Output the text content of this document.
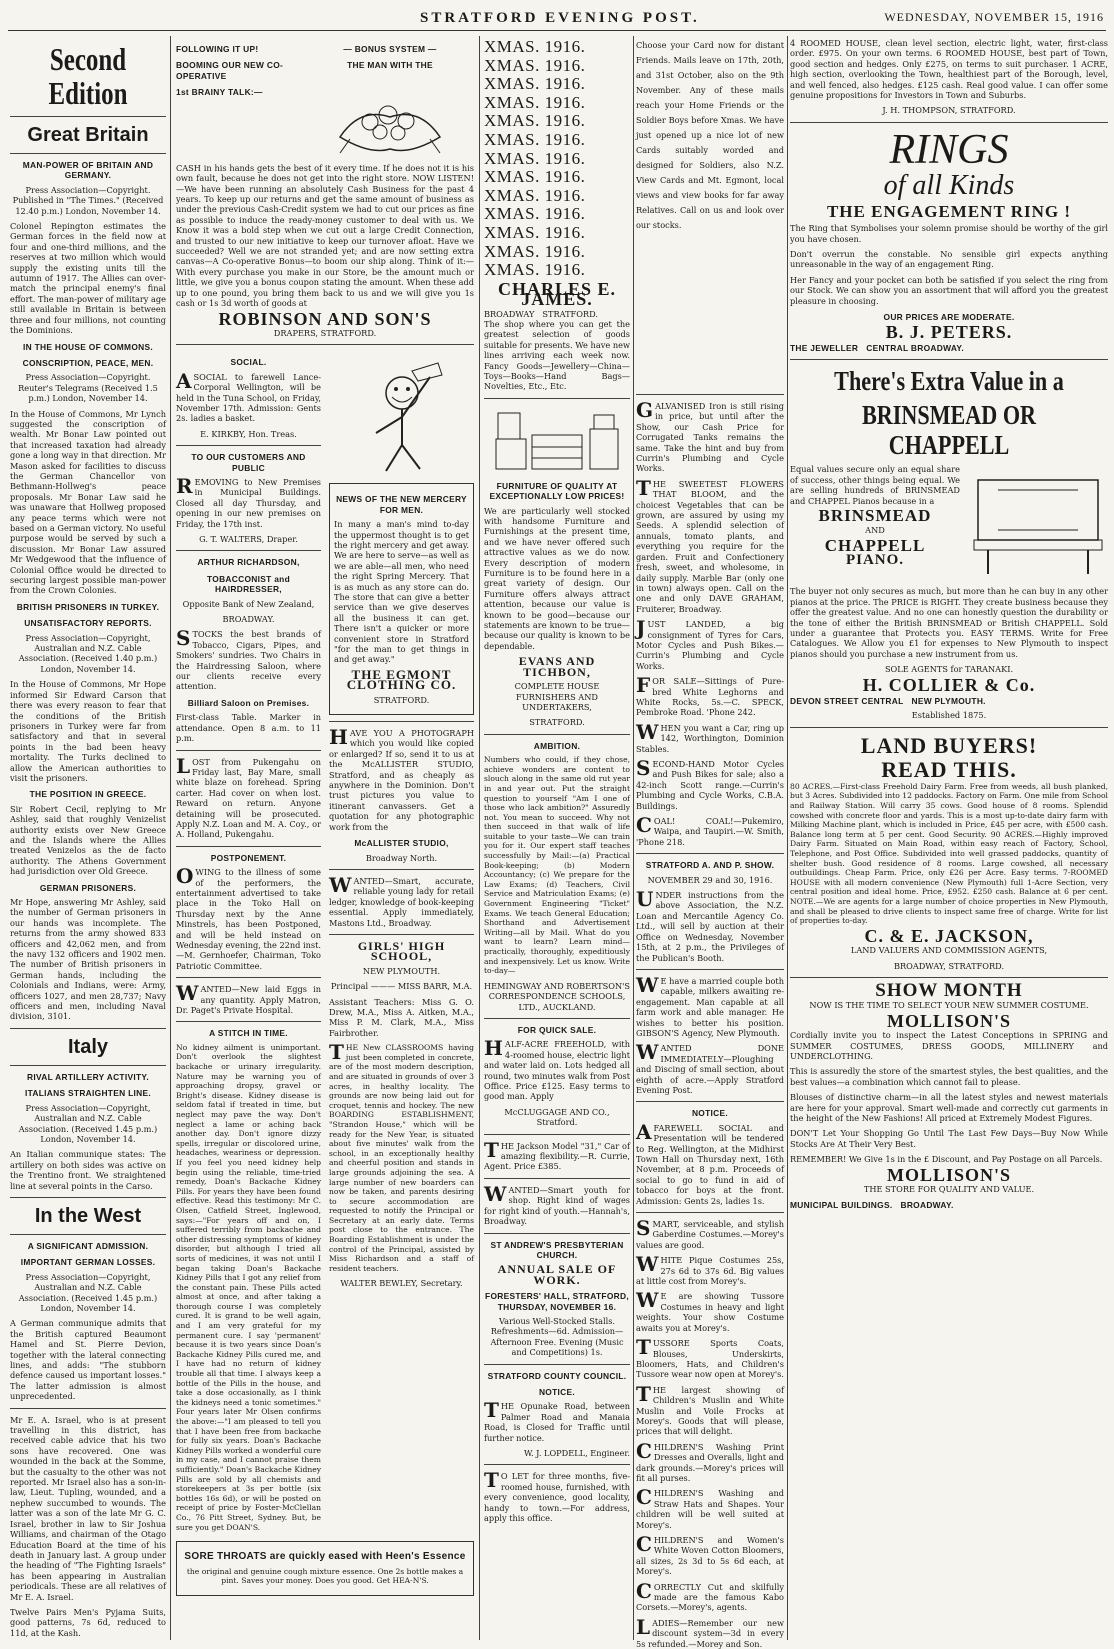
STRATFORD EVENING POST.	WEDNESDAY, NOVEMBER 15, 1916
Second Edition
Great Britain
MAN-POWER OF BRITAIN AND GERMANY.

Press Association—Copyright. Published in "The Times." (Received 12.40 p.m.) London, November 14.

Colonel Repington estimates the German forces in the field now at four and one-third millions, and the reserves at two million which would supply the existing units till the autumn of 1917. The Allies can over-match the principal enemy's final effort. The man-power of military age still available in Britain is between three and four millions, not counting the Dominions.

IN THE HOUSE OF COMMONS.
CONSCRIPTION, PEACE, MEN.

Press Association—Copyright. Reuter's Telegrams (Received 1.5 p.m.) London, November 14.

In the House of Commons, Mr Lynch suggested the conscription of wealth. Mr Bonar Law pointed out that increased taxation had already gone a long way in that direction. Mr Mason asked for facilities to discuss the German Chancellor von Bethmann-Hollweg's peace proposals. Mr Bonar Law said he was unaware that Hollweg proposed any peace terms which were not based on a German victory. No useful purpose would be served by such a discussion. Mr Bonar Law assured Mr Wedgewood that the influence of Colonial Office would be directed to securing largest possible man-power from the Crown Colonies.

BRITISH PRISONERS IN TURKEY.
UNSATISFACTORY REPORTS.

Press Association—Copyright, Australian and N.Z. Cable Association. (Received 1.40 p.m.) London, November 14.

In the House of Commons, Mr Hope informed Sir Edward Carson that there was every reason to fear that the conditions of the British prisoners in Turkey were far from satisfactory and that in several points in the bad been heavy mortality. The Turks declined to allow the American authorities to visit the prisoners.

THE POSITION IN GREECE.

Sir Robert Cecil, replying to Mr Ashley, said that roughly Venizelist authority exists over New Greece and the Islands where the Allies treated Venizelos as the de facto authority. The Athens Government had jurisdiction over Old Greece.

GERMAN PRISONERS.

Mr Hope, answering Mr Ashley, said the number of German prisoners in our hands was incomplete. The returns from the army showed 833 officers and 42,062 men, and from the navy 132 officers and 1902 men. The number of British prisoners in German hands, including the Colonials and Indians, were: Army, officers 1027, and men 28,737; Navy officers and men, including Naval division, 3101.

Italy
RIVAL ARTILLERY ACTIVITY.
ITALIANS STRAIGHTEN LINE.

Press Association—Copyright, Australian and N.Z. Cable Association. (Received 1.45 p.m.) London, November 14.

An Italian communique states: The artillery on both sides was active on the Trentino front. We straightened line at several points in the Carso.

In the West
A SIGNIFICANT ADMISSION.
IMPORTANT GERMAN LOSSES.

Press Association—Copyright, Australian and N.Z. Cable Association. (Received 1.45 p.m.) London, November 14.

A German communique admits that the British captured Beaumont Hamel and St. Pierre Devion, together with the lateral connecting lines, and adds: "The stubborn defence caused us important losses." The latter admission is almost unprecedented.

Mr E. A. Israel, who is at present travelling in this district, has received cable advice that his two sons have recovered. One was wounded in the back at the Somme, but the casualty to the other was not reported. Mr Israel also has a son-in-law, Lieut. Tupling, wounded, and a nephew succumbed to wounds. The latter was a son of the late Mr G. C. Israel, brother in law to Sir Joshua Williams, and chairman of the Otago Education Board at the time of his death in January last. A group under the heading of "The Fighting Israels" has been appearing in Australian periodicals. These are all relatives of Mr E. A. Israel.

Twelve Pairs Men's Pyjama Suits, good patterns, 7s 6d, reduced to 11d, at the Kash.

FOLLOWING IT UP!
BOOMING OUR NEW CO-OPERATIVE
1st BRAINY TALK:—
— BONUS SYSTEM —
THE MAN WITH THE

CASH in his hands gets the best of it every time. If he does not it is his own fault, because he does not get into the right store. NOW LISTEN!—We have been running an absolutely Cash Business for the past 4 years. To keep up our returns and get the same amount of business as under the previous Cash-Credit system we had to cut our prices as fine as possible to induce the ready-money customer to deal with us. We Know it was a bold step when we cut out a large Credit Connection, and trusted to our new initiative to keep our turnover afloat. Have we succeeded? Well we are not stranded yet; and are now setting extra canvas—A Co-operative Bonus—to boom our ship along. Think of it:—With every purchase you make in our Store, be the amount much or little, we give you a bonus coupon stating the amount. When these add up to one pound, you bring them back to us and we will give you 1s cash or 1s 3d worth of goods at

ROBINSON AND SON'S

DRAPERS, STRATFORD.

SOCIAL.

ASOCIAL to farewell Lance-Corporal Wellington, will be held in the Tuna School, on Friday, November 17th. Admission: Gents 2s. ladies a basket.

E. KIRKBY, Hon. Treas.

TO OUR CUSTOMERS AND PUBLIC

REMOVING to New Premises in Municipal Buildings. Closed all day Thursday, and opening in our new premises on Friday, the 17th inst.

G. T. WALTERS, Draper.

ARTHUR RICHARDSON,
TOBACCONIST and HAIRDRESSER,

Opposite Bank of New Zealand,

BROADWAY.

STOCKS the best brands of Tobacco, Cigars, Pipes, and Smokers' sundries. Two Chairs in the Hairdressing Saloon, where our clients receive every attention.

Billiard Saloon on Premises.

First-class Table. Marker in attendance. Open 8 a.m. to 11 p.m.

LOST from Pukengahu on Friday last, Bay Mare, small white blaze on forehead. Spring carter. Had cover on when lost. Reward on return. Anyone detaining will be prosecuted. Apply N.Z. Loan and M. A. Coy., or A. Holland, Pukengahu.

POSTPONEMENT.

OWING to the illness of some of the performers, the entertainment advertised to take place in the Toko Hall on Thursday next by the Anne Minstrels, has been Postponed, and will be held instead on Wednesday evening, the 22nd inst.—M. Gernhoefer, Chairman, Toko Patriotic Committee.

WANTED—New laid Eggs in any quantity. Apply Matron, Dr. Paget's Private Hospital.

A STITCH IN TIME.

No kidney ailment is unimportant. Don't overlook the slightest backache or urinary irregularity. Nature may be warning you of approaching dropsy, gravel or Bright's disease. Kidney disease is seldom fatal if treated in time, but neglect may pave the way. Don't neglect a lame or aching back another day. Don't ignore dizzy spells, irregular or discolored urine, headaches, weariness or depression. If you feel you need kidney help begin using the reliable, time-tried remedy, Doan's Backache Kidney Pills. For years they have been found effective. Read this testimony: Mr C. Olsen, Catfield Street, Inglewood, says:—"For years off and on, I suffered terribly from backache and other distressing symptoms of kidney disorder, but although I tried all sorts of medicines, it was not until I began taking Doan's Backache Kidney Pills that I got any relief from the constant pain. These Pills acted almost at once, and after taking a thorough course I was completely cured. It is grand to be well again, and I am very grateful for my permanent cure. I say 'permanent' because it is two years since Doan's Backache Kidney Pills cured me, and I have had no return of kidney trouble all that time. I always keep a bottle of the Pills in the house, and take a dose occasionally, as I think the kidneys need a tonic sometimes." Four years later Mr Olsen confirms the above:—"I am pleased to tell you that I have been free from backache for fully six years. Doan's Backache Kidney Pills worked a wonderful cure in my case, and I cannot praise them sufficiently." Doan's Backache Kidney Pills are sold by all chemists and storekeepers at 3s per bottle (six bottles 16s 6d), or will be posted on receipt of price by Foster-McClellan Co., 76 Pitt Street, Sydney. But, be sure you get DOAN'S.

NEWS OF THE NEW MERCERY FOR MEN.

In many a man's mind to-day the uppermost thought is to get the right mercery and get away. We are here to serve—as well as we are able—all men, who need the right Spring Mercery. That is as much as any store can do. The store that can give a better service than we give deserves all the business it can get. There isn't a quicker or more convenient store in Stratford "for the man to get things in and get away."

THE EGMONT CLOTHING CO.

STRATFORD.

HAVE YOU A PHOTOGRAPH which you would like copied or enlarged? If so, send it to us at the McALLISTER STUDIO, Stratford, and as cheaply as anywhere in the Dominion. Don't trust pictures you value to itinerant canvassers. Get a quotation for any photographic work from the

McALLISTER STUDIO,

Broadway North.

WANTED—Smart, accurate, reliable young lady for retail ledger, knowledge of book-keeping essential. Apply immediately, Mastons Ltd., Broadway.

GIRLS' HIGH SCHOOL,

NEW PLYMOUTH.

Principal ——— MISS BARR, M.A.

Assistant Teachers: Miss G. O. Drew, M.A., Miss A. Aitken, M.A., Miss P. M. Clark, M.A., Miss Fairbrother.

THE New CLASSROOMS having just been completed in concrete, are of the most modern description, and are situated in grounds of over 3 acres, in healthy locality. The grounds are now being laid out for croquet, tennis and hockey. The new BOARDING ESTABLISHMENT, "Strandon House," which will be ready for the New Year, is situated about five minutes' walk from the school, in an exceptionally healthy and cheerful position and stands in large grounds adjoining the sea. A large number of new boarders can now be taken, and parents desiring to secure accommodation are requested to notify the Principal or Secretary at an early date. Terms post close to the entrance. The Boarding Establishment is under the control of the Principal, assisted by Miss Richardson and a staff of resident teachers.

WALTER BEWLEY, Secretary.

SORE THROATS are quickly eased with Heen's Essence

the original and genuine cough mixture essence. One 2s bottle makes a pint. Saves your money. Does you good. Get HEA-N'S.

XMAS. 1916.
XMAS. 1916.
XMAS. 1916.
XMAS. 1916.
XMAS. 1916.
XMAS. 1916.
XMAS. 1916.
XMAS. 1916.
XMAS. 1916.
XMAS. 1916.
XMAS. 1916.
XMAS. 1916.
XMAS. 1916.
CHARLES E. JAMES.
BROADWAY STRATFORD.

The shop where you can get the greatest selection of goods suitable for presents. We have new lines arriving each week now. Fancy Goods—Jewellery—China—Toys—Books—Hand Bags—Novelties, Etc., Etc.

FURNITURE OF QUALITY AT EXCEPTIONALLY LOW PRICES!

We are particularly well stocked with handsome Furniture and Furnishings at the present time, and we have never offered such attractive values as we do now. Every description of modern Furniture is to be found here in a great variety of design. Our Furniture offers always attract attention, because our value is known to be good—because our statements are known to be true—because our quality is known to be dependable.

EVANS AND TICHBON,

COMPLETE HOUSE FURNISHERS AND UNDERTAKERS,

STRATFORD.

AMBITION.

Numbers who could, if they chose, achieve wonders are content to slouch along in the same old rut year in and year out. Put the straight question to yourself "Am I one of those who lack ambition?" Assuredly not. You mean to succeed. Why not then succeed in that walk of life suitable to your taste—We can train you for it. Our expert staff teaches successfully by Mail:—(a) Practical Book-keeping; (b) Modern Accountancy; (c) We prepare for the Law Exams; (d) Teachers, Civil Service and Matriculation Exams; (e) Government Engineering "Ticket" Exams. We teach General Education; Shorthand and Advertisement Writing—all by Mail. What do you want to learn? Learn mind—practically, thoroughly, expeditiously and inexpensively. Let us know. Write to-day—

HEMINGWAY AND ROBERTSON'S CORRESPONDENCE SCHOOLS, LTD., AUCKLAND.

FOR QUICK SALE.

HALF-ACRE FREEHOLD, with 4-roomed house, electric light and water laid on. Lots hedged all round, two minutes walk from Post Office. Price £125. Easy terms to good man. Apply

McCLUGGAGE AND CO., Stratford.

THE Jackson Model "31," Car of amazing flexibility.—R. Currie, Agent. Price £385.

WANTED—Smart youth for shop. Right kind of wages for right kind of youth.—Hannah's, Broadway.

ST ANDREW'S PRESBYTERIAN CHURCH.
ANNUAL SALE OF WORK.
FORESTERS' HALL, STRATFORD, THURSDAY, NOVEMBER 16.

Various Well-Stocked Stalls. Refreshments—6d. Admission—Afternoon Free. Evening (Music and Competitions) 1s.

STRATFORD COUNTY COUNCIL.
NOTICE.

THE Opunake Road, between Palmer Road and Manaia Road, is Closed for Traffic until further notice.

W. J. LOPDELL, Engineer.

TO LET for three months, five-roomed house, furnished, with every convenience, good locality, handy to town.—For address, apply this office.

Choose your Card now for distant Friends. Mails leave on 17th, 20th, and 31st October, also on the 9th November. Any of these mails reach your Home Friends or the Soldier Boys before Xmas. We have just opened up a nice lot of new Cards suitably worded and designed for Soldiers, also N.Z. View Cards and Mt. Egmont, local views and view books for far away Relatives. Call on us and look over our stocks.

GALVANISED Iron is still rising in price, but until after the Show, our Cash Price for Corrugated Tanks remains the same. Take the hint and buy from Currin's Plumbing and Cycle Works.

THE SWEETEST FLOWERS THAT BLOOM, and the choicest Vegetables that can be grown, are assured by using my Seeds. A splendid selection of annuals, tomato plants, and everything you require for the garden. Fruit and Confectionery fresh, sweet, and wholesome, in daily supply. Marble Bar (only one in town) always open. Call on the one and only DAVE GRAHAM, Fruiterer, Broadway.

JUST LANDED, a big consignment of Tyres for Cars, Motor Cycles and Push Bikes.—Currin's Plumbing and Cycle Works.

FOR SALE—Sittings of Pure-bred White Leghorns and White Rocks, 5s.—C. SPECK, Pembroke Road. 'Phone 242.

WHEN you want a Car, ring up 142, Worthington, Dominion Stables.

SECOND-HAND Motor Cycles and Push Bikes for sale; also a 42-inch Scott range.—Currin's Plumbing and Cycle Works, C.B.A. Buildings.

COAL! COAL!—Pukemiro, Waipa, and Taupiri.—W. Smith, 'Phone 218.

STRATFORD A. AND P. SHOW.

NOVEMBER 29 and 30, 1916.

UNDER instructions from the above Association, the N.Z. Loan and Mercantile Agency Co. Ltd., will sell by auction at their Office on Wednesday, November 15th, at 2 p.m., the Privileges of the Publican's Booth.

WE have a married couple both capable, milkers awaiting re-engagement. Man capable at all farm work and able manager. He wishes to better his position. GIBSON'S Agency, New Plymouth.

WANTED DONE IMMEDIATELY—Ploughing and Discing of small section, about eighth of acre.—Apply Stratford Evening Post.

NOTICE.

AFAREWELL SOCIAL and Presentation will be tendered to Reg. Wellington, at the Midhirst Town Hall on Thursday next, 16th November, at 8 p.m. Proceeds of social to go to fund in aid of tobacco for boys at the front. Admission: Gents 2s, ladies 1s.

SMART, serviceable, and stylish Gaberdine Costumes.—Morey's values are good.

WHITE Pique Costumes 25s, 27s 6d to 37s 6d. Big values at little cost from Morey's.

WE are showing Tussore Costumes in heavy and light weights. Your show Costume awaits you at Morey's.

TUSSORE Sports Coats, Blouses, Underskirts, Bloomers, Hats, and Children's Tussore wear now open at Morey's.

THE largest showing of Children's Muslin and White Muslin and Voile Frocks at Morey's. Goods that will please, prices that will delight.

CHILDREN'S Washing Print Dresses and Overalls, light and dark grounds.—Morey's prices will fit all purses.

CHILDREN'S Washing and Straw Hats and Shapes. Your children will be well suited at Morey's.

CHILDREN'S and Women's White Woven Cotton Bloomers, all sizes, 2s 3d to 5s 6d each, at Morey's.

CORRECTLY Cut and skilfully made are the famous Kabo Corsets.—Morey's, agents.

LADIES—Remember our new discount system—3d in every 5s refunded.—Morey and Son.

4 ROOMED HOUSE, clean level section, electric light, water, first-class order. £975. On your own terms. 6 ROOMED HOUSE, best part of Town, good section and hedges. Only £275, on terms to suit purchaser. 1 ACRE, high section, overlooking the Town, healthiest part of the Borough, level, and well fenced, also hedges. £125 cash. Real good value. I can offer some genuine propositions for Investors in Town and Suburbs.

J. H. THOMPSON, STRATFORD.

RINGS
of all Kinds
THE ENGAGEMENT RING !

The Ring that Symbolises your solemn promise should be worthy of the girl you have chosen.

Don't overrun the constable. No sensible girl expects anything unreasonable in the way of an engagement Ring.

Her Fancy and your pocket can both be satisfied if you select the ring from our Stock. We can show you an assortment that will afford you the greatest pleasure in choosing.

OUR PRICES ARE MODERATE.
B. J. PETERS.
THE JEWELLER CENTRAL BROADWAY.
There's Extra Value in a
BRINSMEAD OR CHAPPELL

Equal values secure only an equal share of success, other things being equal. We are selling hundreds of BRINSMEAD and CHAPPEL Pianos because in a

BRINSMEAD

AND

CHAPPELL
PIANO.

The buyer not only secures as much, but more than he can buy in any other pianos at the price. The PRICE is RIGHT. They create business because they offer the greatest value. And no one can honestly question the durability or the tone of either the British BRINSMEAD or British CHAPPELL. Sold under a guarantee that Protects you. EASY TERMS. Write for Free Catalogues. We Allow you £1 for expenses to New Plymouth to inspect pianos should you purchase a new instrument from us.

SOLE AGENTS for TARANAKI.

H. COLLIER & Co.
DEVON STREET CENTRAL NEW PLYMOUTH.

Established 1875.

LAND BUYERS!
READ THIS.

80 ACRES.—First-class Freehold Dairy Farm. Free from weeds, all bush planked, but 3 Acres. Subdivided into 12 paddocks. Factory on Farm. One mile from School and Railway Station. Will carry 35 cows. Good house of 8 rooms. Splendid cowshed with concrete floor and yards. This is a most up-to-date dairy farm with Milking Machine plant, which is included in Price, £45 per acre, with £500 cash. Balance long term at 5 per cent. Good Security. 90 ACRES.—Highly improved Dairy Farm. Situated on Main Road, within easy reach of Factory, School, Telephone, and Post Office. Subdivided into well grassed paddocks, quantity of shelter bush. Good residence of 8 rooms. Large cowshed, all necessary outbuildings. Cheap Farm. Price, only £26 per Acre. Easy terms. 7-ROOMED HOUSE with all modern convenience (New Plymouth) full 1-Acre Section, very central position and ideal home. Price, £952. £250 cash. Balance at 6 per cent. NOTE.—We are agents for a large number of choice properties in New Plymouth, and shall be pleased to drive clients to inspect same free of charge. Write for list of properties to-day.

C. & E. JACKSON,

LAND VALUERS AND COMMISSION AGENTS,

BROADWAY, STRATFORD.

SHOW MONTH

NOW IS THE TIME TO SELECT YOUR NEW SUMMER COSTUME.

MOLLISON'S

Cordially invite you to inspect the Latest Conceptions in SPRING and SUMMER COSTUMES, DRESS GOODS, MILLINERY and UNDERCLOTHING.

This is assuredly the store of the smartest styles, the best qualities, and the best values—a combination which cannot fail to please.

Blouses of distinctive charm—in all the latest styles and newest materials are here for your approval. Smart well-made and correctly cut garments in the height of the New Fashions! All priced at Extremely Modest Figures.

DON'T Let Your Shopping Go Until The Last Few Days—Buy Now While Stocks Are At Their Very Best.

REMEMBER! We Give 1s in the £ Discount, and Pay Postage on all Parcels.

MOLLISON'S

THE STORE FOR QUALITY AND VALUE.

MUNICIPAL BUILDINGS. BROADWAY.
